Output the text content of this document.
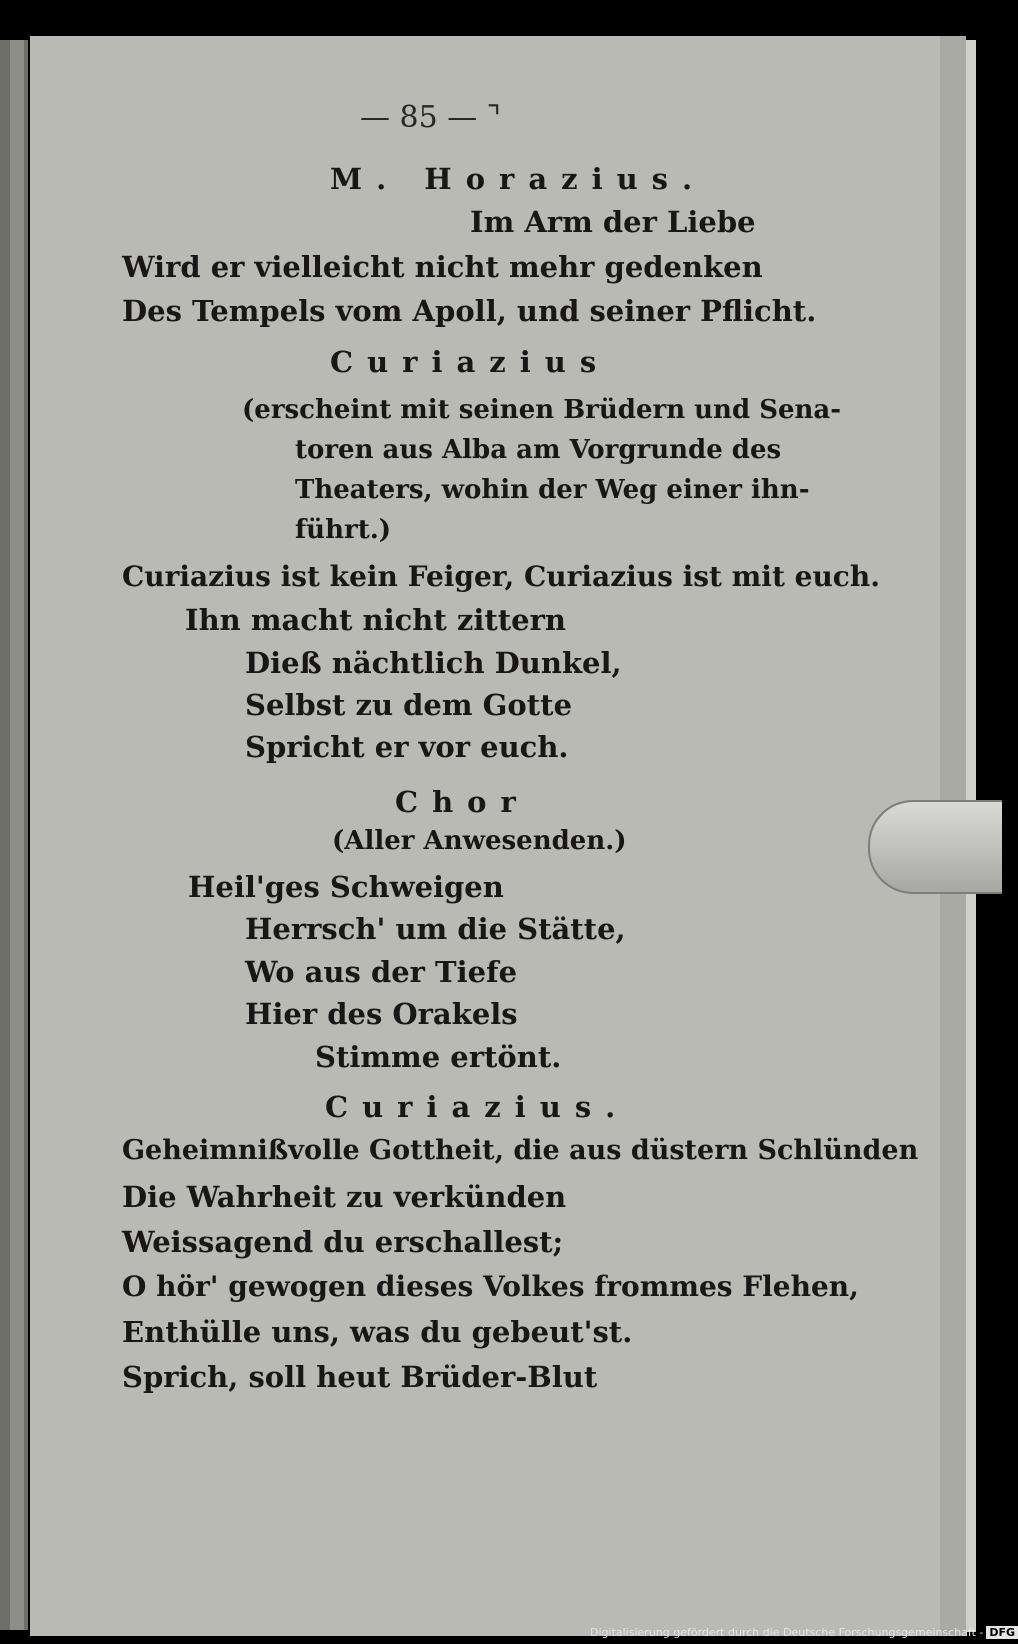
— 85 — ⌝
M. Horazius.
Im Arm der Liebe
Wird er vielleicht nicht mehr gedenken
Des Tempels vom Apoll, und seiner Pflicht.
Curiazius
(erscheint mit seinen Brüdern und Sena-
toren aus Alba am Vorgrunde des
Theaters, wohin der Weg einer ihn-
führt.)
Curiazius ist kein Feiger, Curiazius ist mit euch.
Ihn macht nicht zittern
Dieß nächtlich Dunkel,
Selbst zu dem Gotte
Spricht er vor euch.
Chor
(Aller Anwesenden.)
Heil'ges Schweigen
Herrsch' um die Stätte,
Wo aus der Tiefe
Hier des Orakels
Stimme ertönt.
Curiazius.
Geheimnißvolle Gottheit, die aus düstern Schlünden
Die Wahrheit zu verkünden
Weissagend du erschallest;
O hör' gewogen dieses Volkes frommes Flehen,
Enthülle uns, was du gebeut'st.
Sprich, soll heut Brüder-Blut
Digitalisierung gefördert durch die Deutsche Forschungsgemeinschaft - DFG
